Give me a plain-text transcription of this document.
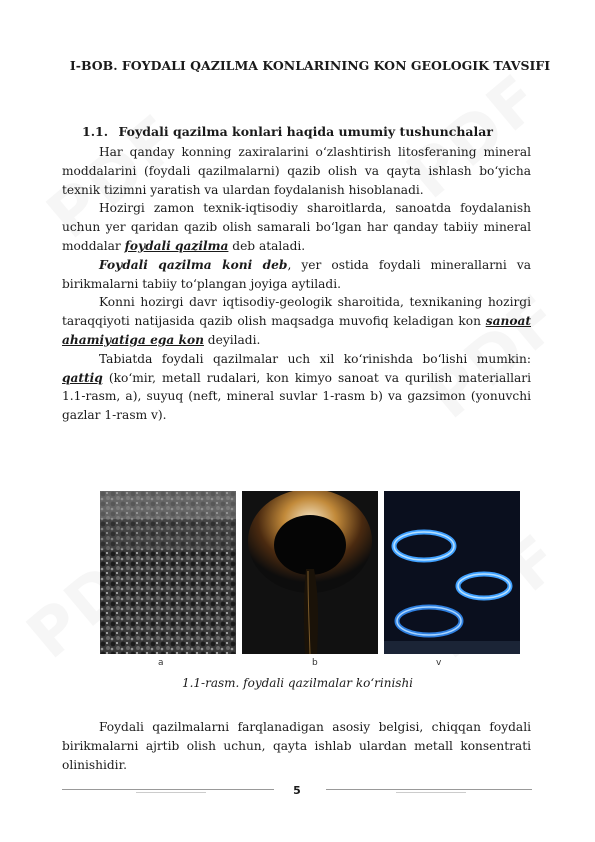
I-BOB. FOYDALI QAZILMA KONLARINING KON GEOLOGIK TAVSIFI
1.1. Foydali qazilma konlari haqida umumiy tushunchalar

Har qanday konning zaxiralarini o‘zlashtirish litosferaning mineral moddalarini (foydali qazilmalarni) qazib olish va qayta ishlash bo‘yicha texnik tizimni yaratish va ulardan foydalanish hisoblanadi.

Hozirgi zamon texnik-iqtisodiy sharoitlarda, sanoatda foydalanish uchun yer qaridan qazib olish samarali bo‘lgan har qanday tabiiy mineral moddalar foydali qazilma deb ataladi.

Foydali qazilma koni deb, yer ostida foydali minerallarni va birikmalarni tabiiy to‘plangan joyiga aytiladi.

Konni hozirgi davr iqtisodiy-geologik sharoitida, texnikaning hozirgi taraqqiyoti natijasida qazib olish maqsadga muvofiq keladigan kon sanoat ahamiyatiga ega kon deyiladi.

Tabiatda foydali qazilmalar uch xil ko‘rinishda bo‘lishi mumkin: qattiq (ko‘mir, metall rudalari, kon kimyo sanoat va qurilish materiallari 1.1-rasm, a), suyuq (neft, mineral suvlar 1-rasm b) va gazsimon (yonuvchi gazlar 1-rasm v).

a	b	v
1.1-rasm. foydali qazilmalar ko‘rinishi

Foydali qazilmalarni farqlanadigan asosiy belgisi, chiqqan foydali birikmalarni ajrtib olish uchun, qayta ishlab ulardan metall konsentrati olinishidir.

5
